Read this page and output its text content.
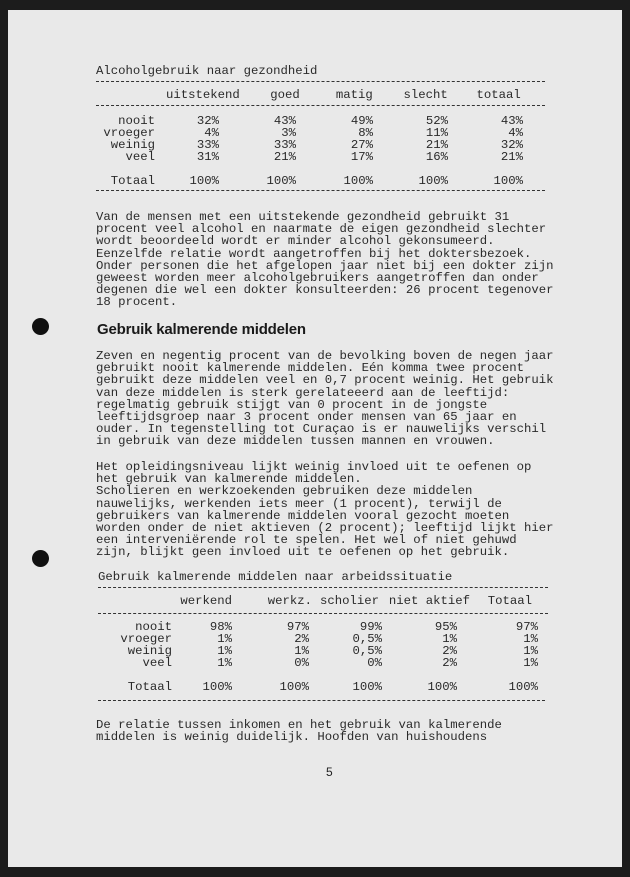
Alcoholgebruik naar gezondheid
	uitstekend	goed	matig	slecht	totaal
nooit	32%	43%	49%	52%	43%
vroeger	4%	3%	8%	11%	4%
weinig	33%	33%	27%	21%	32%
veel	31%	21%	17%	16%	21%

Totaal	100%	100%	100%	100%	100%
Van de mensen met een uitstekende gezondheid gebruikt 31
procent veel alcohol en naarmate de eigen gezondheid slechter
wordt beoordeeld wordt er minder alcohol gekonsumeerd.
Eenzelfde relatie wordt aangetroffen bij het doktersbezoek.
Onder personen die het afgelopen jaar niet bij een dokter zijn
geweest worden meer alcoholgebruikers aangetroffen dan onder
degenen die wel een dokter konsulteerden: 26 procent tegenover
18 procent.
Gebruik kalmerende middelen
Zeven en negentig procent van de bevolking boven de negen jaar
gebruikt nooit kalmerende middelen. Eén komma twee procent
gebruikt deze middelen veel en 0,7 procent weinig. Het gebruik
van deze middelen is sterk gerelateeerd aan de leeftijd:
regelmatig gebruik stijgt van 0 procent in de jongste
leeftijdsgroep naar 3 procent onder mensen van 65 jaar en
ouder. In tegenstelling tot Curaçao is er nauwelijks verschil
in gebruik van deze middelen tussen mannen en vrouwen.
Het opleidingsniveau lijkt weinig invloed uit te oefenen op
het gebruik van kalmerende middelen.
Scholieren en werkzoekenden gebruiken deze middelen
nauwelijks, werkenden iets meer (1 procent), terwijl de
gebruikers van kalmerende middelen vooral gezocht moeten
worden onder de niet aktieven (2 procent); leeftijd lijkt hier
een interveniërende rol te spelen. Het wel of niet gehuwd
zijn, blijkt geen invloed uit te oefenen op het gebruik.
Gebruik kalmerende middelen naar arbeidssituatie
	werkend	werkz.	scholier	niet aktief	Totaal
nooit	98%	97%	99%	95%	97%
vroeger	1%	2%	0,5%	1%	1%
weinig	1%	1%	0,5%	2%	1%
veel	1%	0%	0%	2%	1%

Totaal	100%	100%	100%	100%	100%
De relatie tussen inkomen en het gebruik van kalmerende
middelen is weinig duidelijk. Hoofden van huishoudens
5
